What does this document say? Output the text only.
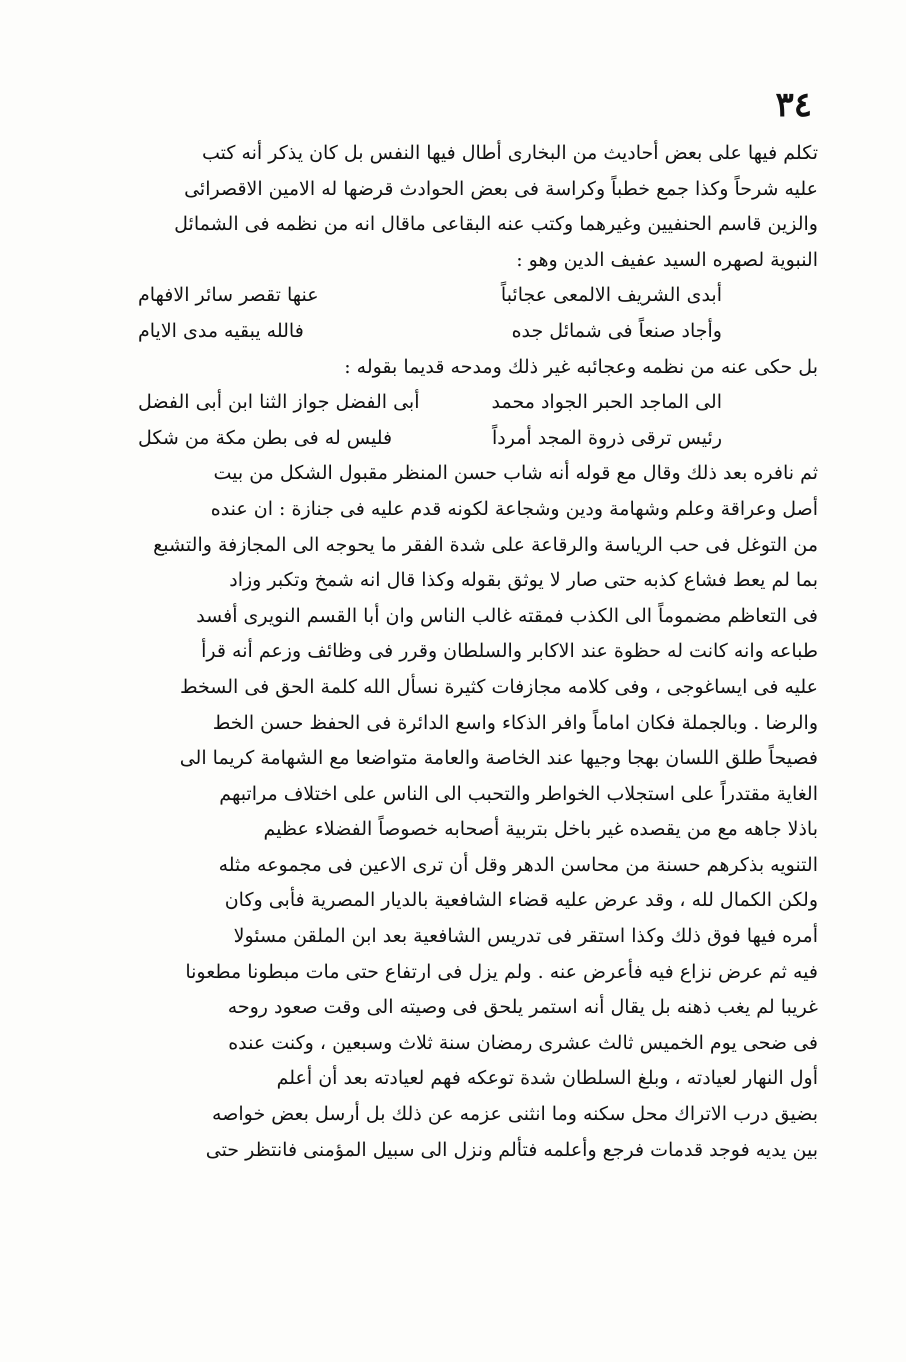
٣٤
تكلم فيها على بعض أحاديث من البخارى أطال فيها النفس بل كان يذكر أنه كتب
عليه شرحاً وكذا جمع خطباً وكراسة فى بعض الحوادث قرضها له الامين الاقصرائى
والزين قاسم الحنفيين وغيرهما وكتب عنه البقاعى ماقال انه من نظمه فى الشمائل
النبوية لصهره السيد عفيف الدين وهو :
أبدى الشريف الالمعى عجائباً
عنها تقصر سائر الافهام
وأجاد صنعاً فى شمائل جده
فالله يبقيه مدى الايام
بل حكى عنه من نظمه وعجائبه غير ذلك ومدحه قديما بقوله :
الى الماجد الحبر الجواد محمد
أبى الفضل جواز الثنا ابن أبى الفضل
رئيس ترقى ذروة المجد أمرداً
فليس له فى بطن مكة من شكل
ثم نافره بعد ذلك وقال مع قوله أنه شاب حسن المنظر مقبول الشكل من بيت
أصل وعراقة وعلم وشهامة ودين وشجاعة لكونه قدم عليه فى جنازة : ان عنده
من التوغل فى حب الرياسة والرقاعة على شدة الفقر ما يحوجه الى المجازفة والتشبع
بما لم يعط فشاع كذبه حتى صار لا يوثق بقوله وكذا قال انه شمخ وتكبر وزاد
فى التعاظم مضموماً الى الكذب فمقته غالب الناس وان أبا القسم النويرى أفسد
طباعه وانه كانت له حظوة عند الاكابر والسلطان وقرر فى وظائف وزعم أنه قرأ
عليه فى ايساغوجى ، وفى كلامه مجازفات كثيرة نسأل الله كلمة الحق فى السخط
والرضا . وبالجملة فكان اماماً وافر الذكاء واسع الدائرة فى الحفظ حسن الخط
فصيحاً طلق اللسان بهجا وجيها عند الخاصة والعامة متواضعا مع الشهامة كريما الى
الغاية مقتدراً على استجلاب الخواطر والتحبب الى الناس على اختلاف مراتبهم
باذلا جاهه مع من يقصده غير باخل بتربية أصحابه خصوصاً الفضلاء عظيم
التنويه بذكرهم حسنة من محاسن الدهر وقل أن ترى الاعين فى مجموعه مثله
ولكن الكمال لله ، وقد عرض عليه قضاء الشافعية بالديار المصرية فأبى وكان
أمره فيها فوق ذلك وكذا استقر فى تدريس الشافعية بعد ابن الملقن مسئولا
فيه ثم عرض نزاع فيه فأعرض عنه . ولم يزل فى ارتفاع حتى مات مبطونا مطعونا
غريبا لم يغب ذهنه بل يقال أنه استمر يلحق فى وصيته الى وقت صعود روحه
فى ضحى يوم الخميس ثالث عشرى رمضان سنة ثلاث وسبعين ، وكنت عنده
أول النهار لعيادته ، وبلغ السلطان شدة توعكه فهم لعيادته بعد أن أعلم
بضيق درب الاتراك محل سكنه وما انثنى عزمه عن ذلك بل أرسل بعض خواصه
بين يديه فوجد قدمات فرجع وأعلمه فتألم ونزل الى سبيل المؤمنى فانتظر حتى
